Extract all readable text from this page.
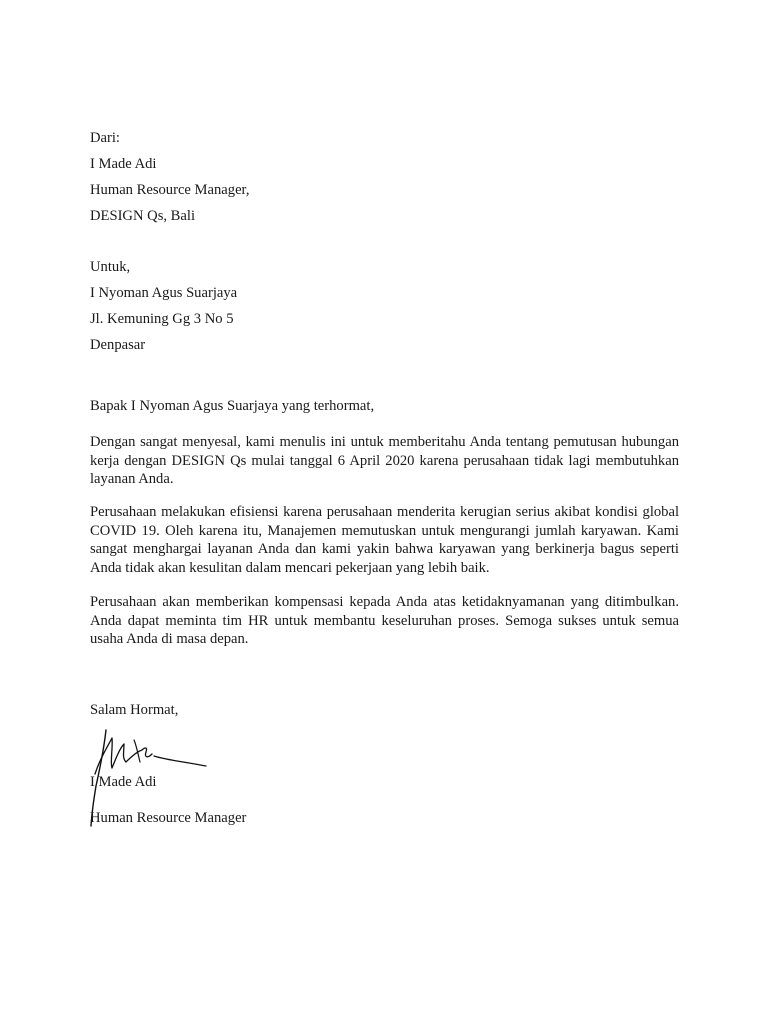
Dari:
I Made Adi
Human Resource Manager,
DESIGN Qs, Bali
Untuk,
I Nyoman Agus Suarjaya
Jl. Kemuning Gg 3 No 5
Denpasar
Bapak I Nyoman Agus Suarjaya yang terhormat,
Dengan sangat menyesal, kami menulis ini untuk memberitahu Anda tentang pemutusan hubungan kerja dengan DESIGN Qs mulai tanggal 6 April 2020 karena perusahaan tidak lagi membutuhkan layanan Anda.
Perusahaan melakukan efisiensi karena perusahaan menderita kerugian serius akibat kondisi global COVID 19. Oleh karena itu, Manajemen memutuskan untuk mengurangi jumlah karyawan. Kami sangat menghargai layanan Anda dan kami yakin bahwa karyawan yang berkinerja bagus seperti Anda tidak akan kesulitan dalam mencari pekerjaan yang lebih baik.
Perusahaan akan memberikan kompensasi kepada Anda atas ketidaknyamanan yang ditimbulkan. Anda dapat meminta tim HR untuk membantu keseluruhan proses. Semoga sukses untuk semua usaha Anda di masa depan.
Salam Hormat,
I Made Adi
Human Resource Manager
